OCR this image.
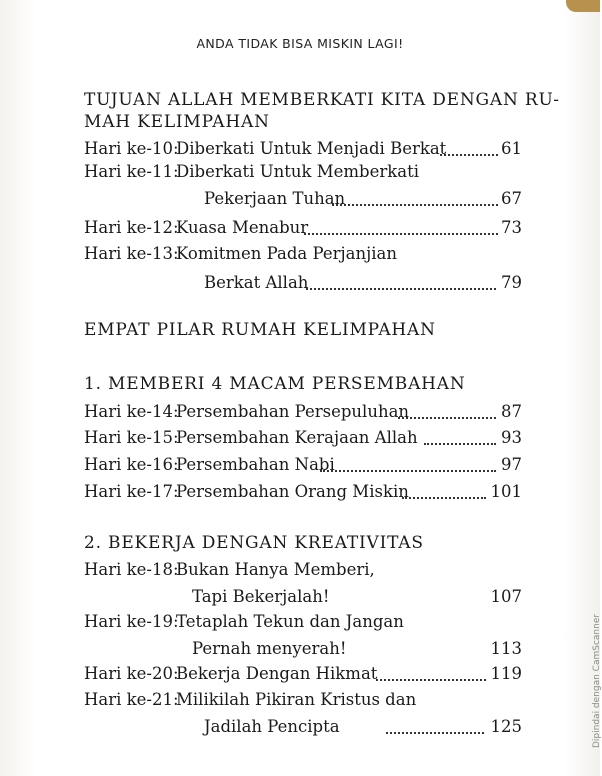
ANDA TIDAK BISA MISKIN LAGI!
TUJUAN ALLAH MEMBERKATI KITA DENGAN RU-
MAH KELIMPAHAN
Hari ke-10:
Diberkati Untuk Menjadi Berkat	61
Hari ke-11:
Diberkati Untuk Memberkati
Pekerjaan Tuhan	67
Hari ke-12:
Kuasa Menabur	73
Hari ke-13:
Komitmen Pada Perjanjian
Berkat Allah	79
EMPAT PILAR RUMAH KELIMPAHAN
1. MEMBERI 4 MACAM PERSEMBAHAN
Hari ke-14:
Persembahan Persepuluhan	87
Hari ke-15:
Persembahan Kerajaan Allah	93
Hari ke-16:
Persembahan Nabi	97
Hari ke-17:
Persembahan Orang Miskin	101
2. BEKERJA DENGAN KREATIVITAS
Hari ke-18:
Bukan Hanya Memberi,
Tapi Bekerjalah!	107
Hari ke-19:
Tetaplah Tekun dan Jangan
Pernah menyerah!	113
Hari ke-20:
Bekerja Dengan Hikmat	119
Hari ke-21:
Milikilah Pikiran Kristus dan
Jadilah Pencipta	125	Dipindai dengan CamScanner
